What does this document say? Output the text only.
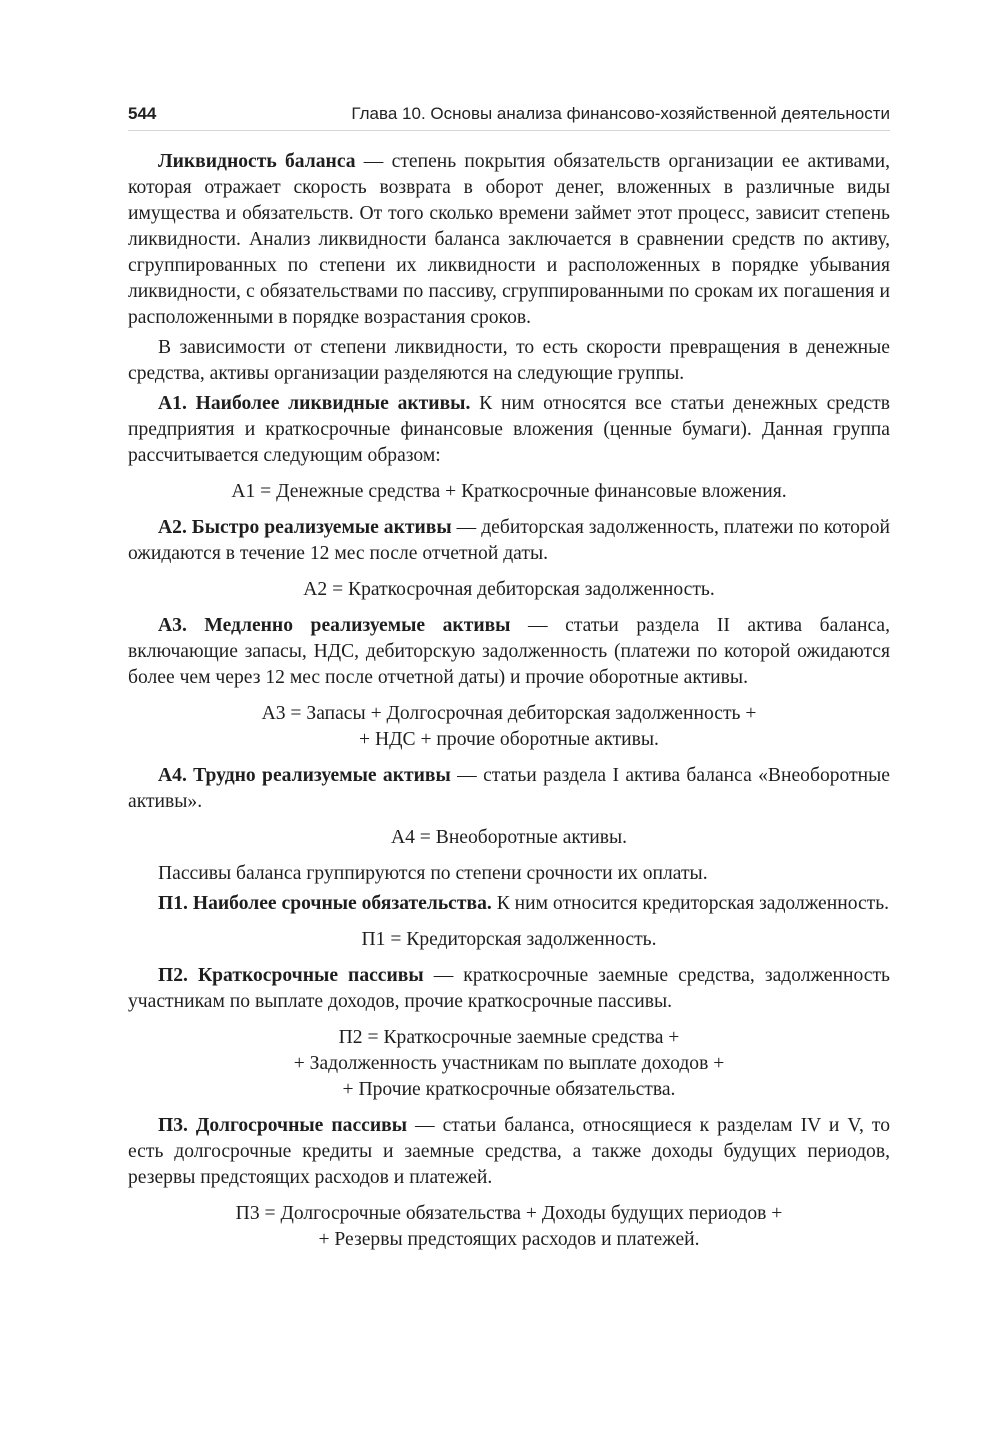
544	Глава 10. Основы анализа финансово-хозяйственной деятельности

Ликвидность баланса — степень покрытия обязательств организации ее активами, которая отражает скорость возврата в оборот денег, вложенных в различные виды имущества и обязательств. От того сколько времени займет этот процесс, зависит степень ликвидности. Анализ ликвидности баланса заключается в сравнении средств по активу, сгруппированных по степени их ликвидности и расположенных в порядке убывания ликвидности, с обязательствами по пассиву, сгруппированными по срокам их погашения и расположенными в порядке возрастания сроков.

В зависимости от степени ликвидности, то есть скорости превращения в денежные средства, активы организации разделяются на следующие группы.

А1. Наиболее ликвидные активы. К ним относятся все статьи денежных средств предприятия и краткосрочные финансовые вложения (ценные бумаги). Данная группа рассчитывается следующим образом:

А1 = Денежные средства + Краткосрочные финансовые вложения.

А2. Быстро реализуемые активы — дебиторская задолженность, платежи по которой ожидаются в течение 12 мес после отчетной даты.

А2 = Краткосрочная дебиторская задолженность.

А3. Медленно реализуемые активы — статьи раздела II актива баланса, включающие запасы, НДС, дебиторскую задолженность (платежи по которой ожидаются более чем через 12 мес после отчетной даты) и прочие оборотные активы.

А3 = Запасы + Долгосрочная дебиторская задолженность +
+ НДС + прочие оборотные активы.

А4. Трудно реализуемые активы — статьи раздела I актива баланса «Внеоборотные активы».

А4 = Внеоборотные активы.

Пассивы баланса группируются по степени срочности их оплаты.

П1. Наиболее срочные обязательства. К ним относится кредиторская задолженность.

П1 = Кредиторская задолженность.

П2. Краткосрочные пассивы — краткосрочные заемные средства, задолженность участникам по выплате доходов, прочие краткосрочные пассивы.

П2 = Краткосрочные заемные средства +
+ Задолженность участникам по выплате доходов +
+ Прочие краткосрочные обязательства.

П3. Долгосрочные пассивы — статьи баланса, относящиеся к разделам IV и V, то есть долгосрочные кредиты и заемные средства, а также доходы будущих периодов, резервы предстоящих расходов и платежей.

П3 = Долгосрочные обязательства + Доходы будущих периодов +
+ Резервы предстоящих расходов и платежей.
